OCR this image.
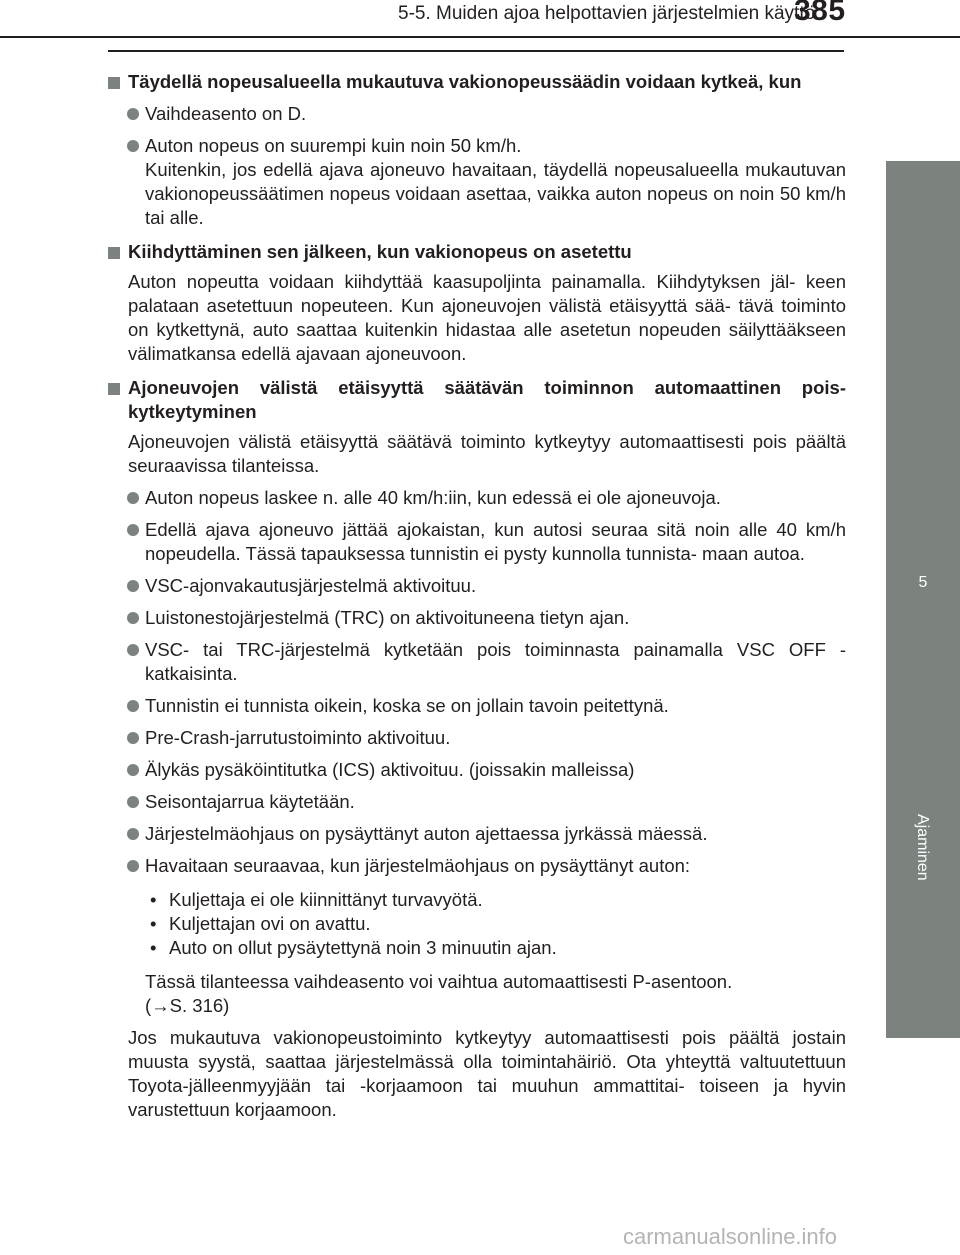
5-5. Muiden ajoa helpottavien järjestelmien käyttö
385
5
Ajaminen
Täydellä nopeusalueella mukautuva vakionopeussäädin voidaan kytkeä, kun
Vaihdeasento on D.
Auton nopeus on suurempi kuin noin 50 km/h.
Kuitenkin, jos edellä ajava ajoneuvo havaitaan, täydellä nopeusalueella mukautuvan vakionopeussäätimen nopeus voidaan asettaa, vaikka auton nopeus on noin 50 km/h tai alle.
Kiihdyttäminen sen jälkeen, kun vakionopeus on asetettu
Auton nopeutta voidaan kiihdyttää kaasupoljinta painamalla. Kiihdytyksen jäl- keen palataan asetettuun nopeuteen. Kun ajoneuvojen välistä etäisyyttä sää- tävä toiminto on kytkettynä, auto saattaa kuitenkin hidastaa alle asetetun nopeuden säilyttääkseen välimatkansa edellä ajavaan ajoneuvoon.
Ajoneuvojen välistä etäisyyttä säätävän toiminnon automaattinen pois- kytkeytyminen
Ajoneuvojen välistä etäisyyttä säätävä toiminto kytkeytyy automaattisesti pois päältä seuraavissa tilanteissa.
Auton nopeus laskee n. alle 40 km/h:iin, kun edessä ei ole ajoneuvoja.
Edellä ajava ajoneuvo jättää ajokaistan, kun autosi seuraa sitä noin alle 40 km/h nopeudella. Tässä tapauksessa tunnistin ei pysty kunnolla tunnista- maan autoa.
VSC-ajonvakautusjärjestelmä aktivoituu.
Luistonestojärjestelmä (TRC) on aktivoituneena tietyn ajan.
VSC- tai TRC-järjestelmä kytketään pois toiminnasta painamalla VSC OFF -katkaisinta.
Tunnistin ei tunnista oikein, koska se on jollain tavoin peitettynä.
Pre-Crash-jarrutustoiminto aktivoituu.
Älykäs pysäköintitutka (ICS) aktivoituu. (joissakin malleissa)
Seisontajarrua käytetään.
Järjestelmäohjaus on pysäyttänyt auton ajettaessa jyrkässä mäessä.
Havaitaan seuraavaa, kun järjestelmäohjaus on pysäyttänyt auton:
• Kuljettaja ei ole kiinnittänyt turvavyötä.
• Kuljettajan ovi on avattu.
• Auto on ollut pysäytettynä noin 3 minuutin ajan.
Tässä tilanteessa vaihdeasento voi vaihtua automaattisesti P-asentoon.
(→S. 316)
Jos mukautuva vakionopeustoiminto kytkeytyy automaattisesti pois päältä jostain muusta syystä, saattaa järjestelmässä olla toimintahäiriö. Ota yhteyttä valtuutettuun Toyota-jälleenmyyjään tai -korjaamoon tai muuhun ammattitai- toiseen ja hyvin varustettuun korjaamoon.
carmanualsonline.info
